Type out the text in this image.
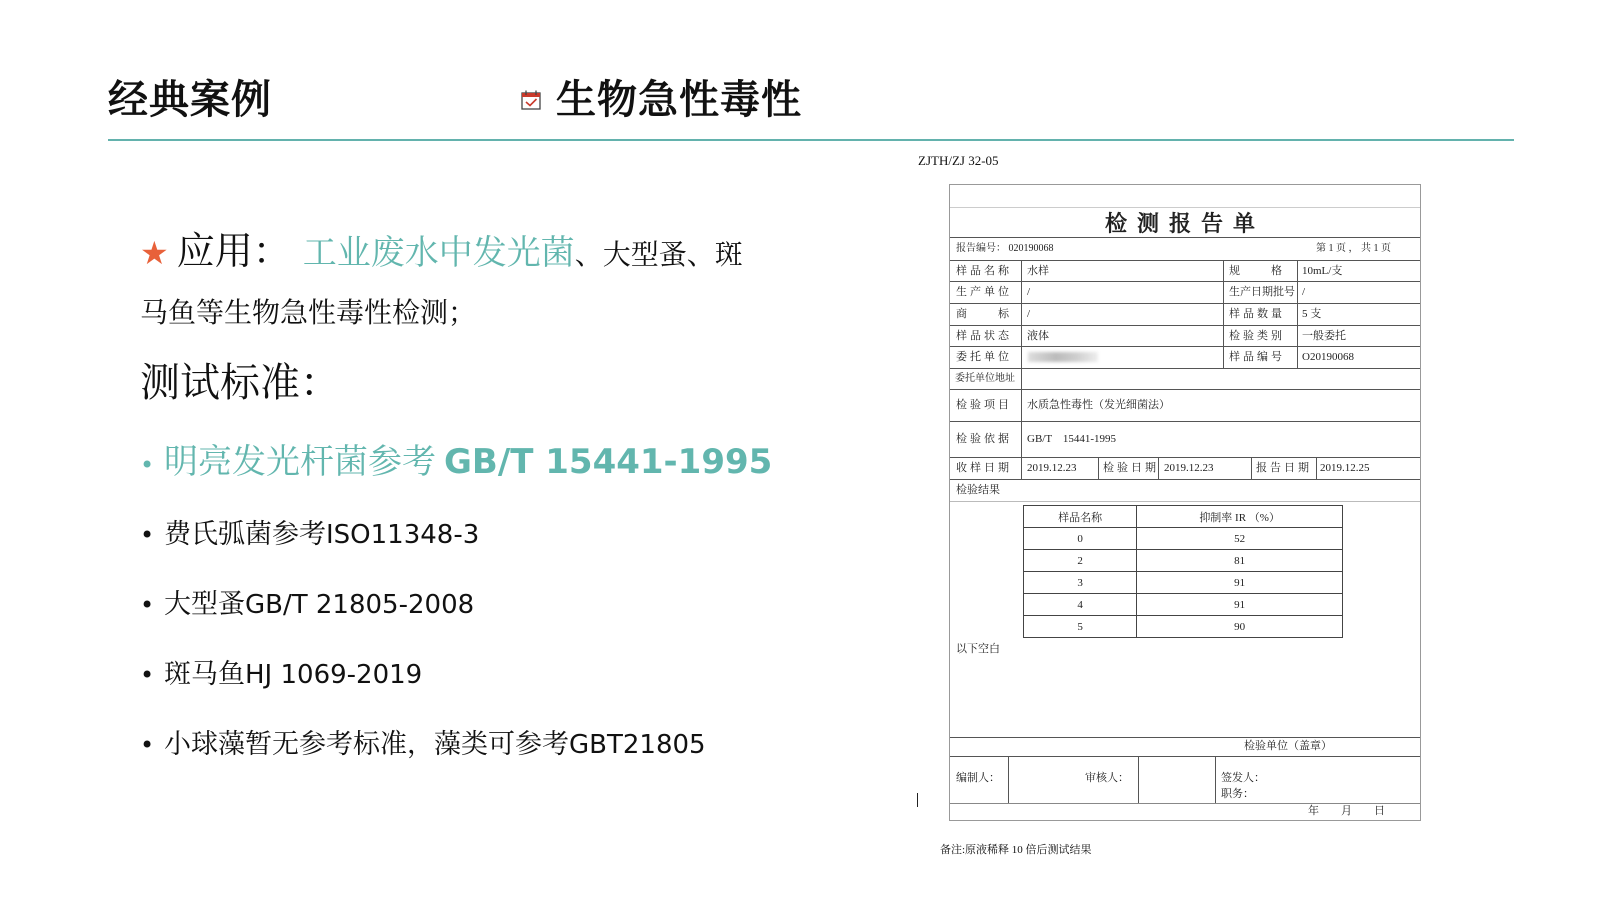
经典案例	生物急性毒性
★ 应用： 工业废水中发光菌 、大型蚤、斑
马鱼等生物急性毒性检测；
测试标准：
• 明亮发光杆菌参考 GB/T 15441-1995
• 费氏弧菌参考 ISO11348-3
• 大型蚤 GB/T 21805-2008
• 斑马鱼 HJ 1069-2019
• 小球藻暂无参考标准，藻类可参考 GBT21805
ZJTH/ZJ 32-05
检测报告单
报告编号： 020190068	第 1 页 ， 共 1 页
样品名称 水样	规　　格 10mL/支
生产单位 /	生产日期批号 /
商　　标 /	样品数量 5 支
样品状态 液体	检验类别 一般委托
委托单位	样品编号 O20190068
委托单位地址
检验项目 水质急性毒性（发光细菌法）
检验依据 GB/T　15441-1995
收样日期 2019.12.23 检验日期 2019.12.23	报告日期 2019.12.25
检验结果
样品名称	抑制率 IR （%）
0	52
2	81
3	91
4	91
5	90
以下空白
检验单位（盖章）
编制人：	审核人：	签发人：
职务：
年　　月　　日
备注:原液稀释 10 倍后测试结果
